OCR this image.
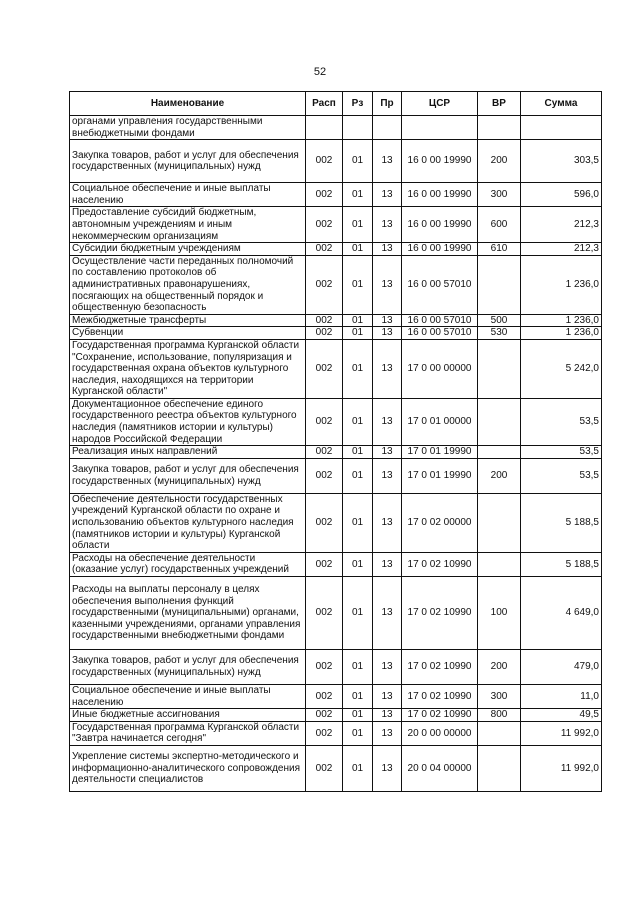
52
Наименование	Расп	Рз	Пр	ЦСР	ВР	Сумма
органами управления государственными внебюджетными фондами						
Закупка товаров, работ и услуг для обеспечения государственных (муниципальных) нужд	002	01	13	16 0 00 19990	200	303,5
Социальное обеспечение и иные выплаты населению	002	01	13	16 0 00 19990	300	596,0
Предоставление субсидий бюджетным, автономным учреждениям и иным некоммерческим организациям	002	01	13	16 0 00 19990	600	212,3
Субсидии бюджетным учреждениям	002	01	13	16 0 00 19990	610	212,3
Осуществление части переданных полномочий по составлению протоколов об административных правонарушениях, посягающих на общественный порядок и общественную безопасность	002	01	13	16 0 00 57010		1 236,0
Межбюджетные трансферты	002	01	13	16 0 00 57010	500	1 236,0
Субвенции	002	01	13	16 0 00 57010	530	1 236,0
Государственная программа Курганской области "Сохранение, использование, популяризация и государственная охрана объектов культурного наследия, находящихся на территории Курганской области"	002	01	13	17 0 00 00000		5 242,0
Документационное обеспечение единого государственного реестра объектов культурного наследия (памятников истории и культуры) народов Российской Федерации	002	01	13	17 0 01 00000		53,5
Реализация иных направлений	002	01	13	17 0 01 19990		53,5
Закупка товаров, работ и услуг для обеспечения государственных (муниципальных) нужд	002	01	13	17 0 01 19990	200	53,5
Обеспечение деятельности государственных учреждений Курганской области по охране и использованию объектов культурного наследия (памятников истории и культуры) Курганской области	002	01	13	17 0 02 00000		5 188,5
Расходы на обеспечение деятельности (оказание услуг) государственных учреждений	002	01	13	17 0 02 10990		5 188,5
Расходы на выплаты персоналу в целях обеспечения выполнения функций государственными (муниципальными) органами, казенными учреждениями, органами управления государственными внебюджетными фондами	002	01	13	17 0 02 10990	100	4 649,0
Закупка товаров, работ и услуг для обеспечения государственных (муниципальных) нужд	002	01	13	17 0 02 10990	200	479,0
Социальное обеспечение и иные выплаты населению	002	01	13	17 0 02 10990	300	11,0
Иные бюджетные ассигнования	002	01	13	17 0 02 10990	800	49,5
Государственная программа Курганской области "Завтра начинается сегодня"	002	01	13	20 0 00 00000		11 992,0
Укрепление системы экспертно-методического и информационно-аналитического сопровождения деятельности специалистов	002	01	13	20 0 04 00000		11 992,0
